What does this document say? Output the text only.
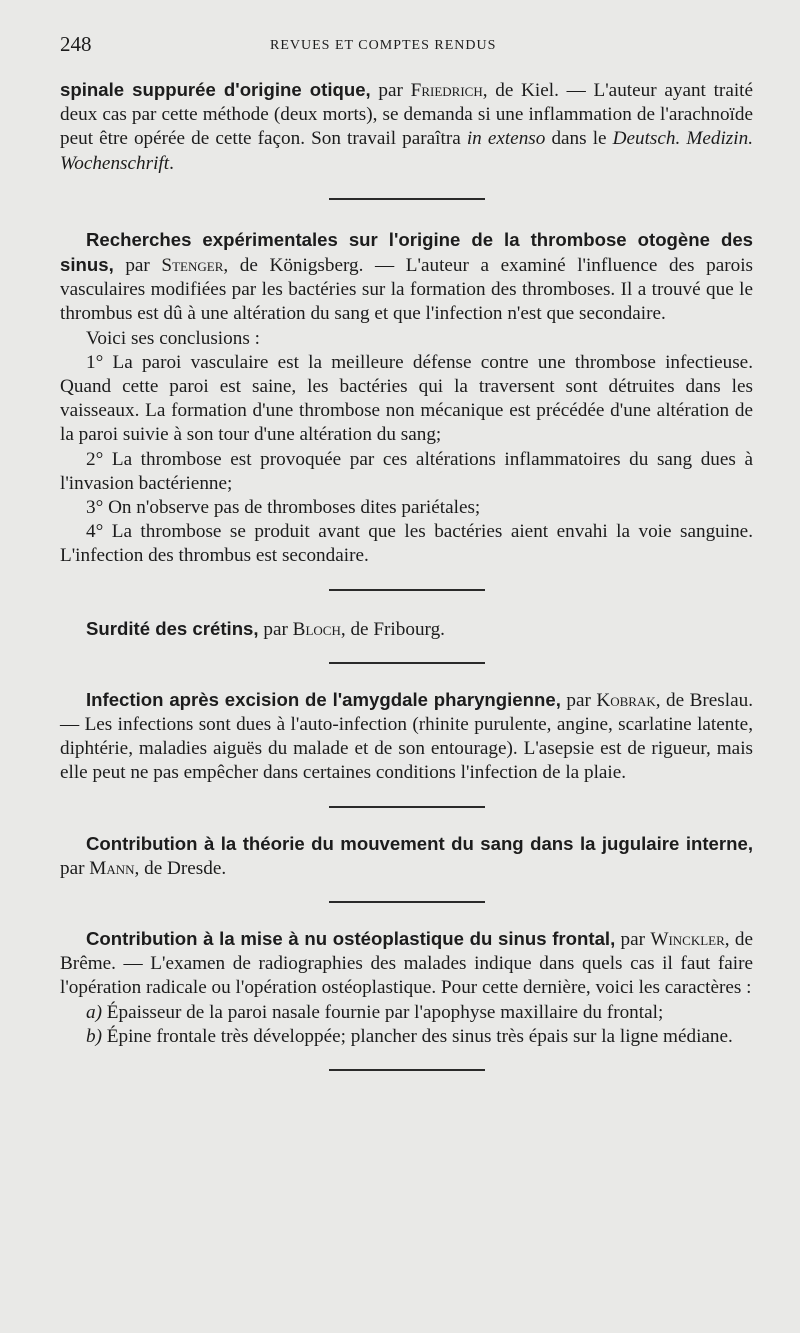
248	REVUES ET COMPTES RENDUS

spinale suppurée d'origine otique, par Friedrich, de Kiel. — L'auteur ayant traité deux cas par cette méthode (deux morts), se demanda si une inflammation de l'arachnoïde peut être opérée de cette façon. Son travail paraîtra in extenso dans le Deutsch. Medizin. Wochenschrift.

Recherches expérimentales sur l'origine de la thrombose otogène des sinus, par Stenger, de Königsberg. — L'auteur a examiné l'influence des parois vasculaires modifiées par les bactéries sur la formation des thromboses. Il a trouvé que le thrombus est dû à une altération du sang et que l'infection n'est que secondaire.

Voici ses conclusions :

1° La paroi vasculaire est la meilleure défense contre une thrombose infectieuse. Quand cette paroi est saine, les bactéries qui la traversent sont détruites dans les vaisseaux. La formation d'une thrombose non mécanique est précédée d'une altération de la paroi suivie à son tour d'une altération du sang;

2° La thrombose est provoquée par ces altérations inflammatoires du sang dues à l'invasion bactérienne;

3° On n'observe pas de thromboses dites pariétales;

4° La thrombose se produit avant que les bactéries aient envahi la voie sanguine. L'infection des thrombus est secondaire.

Surdité des crétins, par Bloch, de Fribourg.

Infection après excision de l'amygdale pharyngienne, par Kobrak, de Breslau. — Les infections sont dues à l'auto-infection (rhinite purulente, angine, scarlatine latente, diphtérie, maladies aiguës du malade et de son entourage). L'asepsie est de rigueur, mais elle peut ne pas empêcher dans certaines conditions l'infection de la plaie.

Contribution à la théorie du mouvement du sang dans la jugulaire interne, par Mann, de Dresde.

Contribution à la mise à nu ostéoplastique du sinus frontal, par Winckler, de Brême. — L'examen de radiographies des malades indique dans quels cas il faut faire l'opération radicale ou l'opération ostéoplastique. Pour cette dernière, voici les caractères :

a) Épaisseur de la paroi nasale fournie par l'apophyse maxillaire du frontal;

b) Épine frontale très développée; plancher des sinus très épais sur la ligne médiane.
